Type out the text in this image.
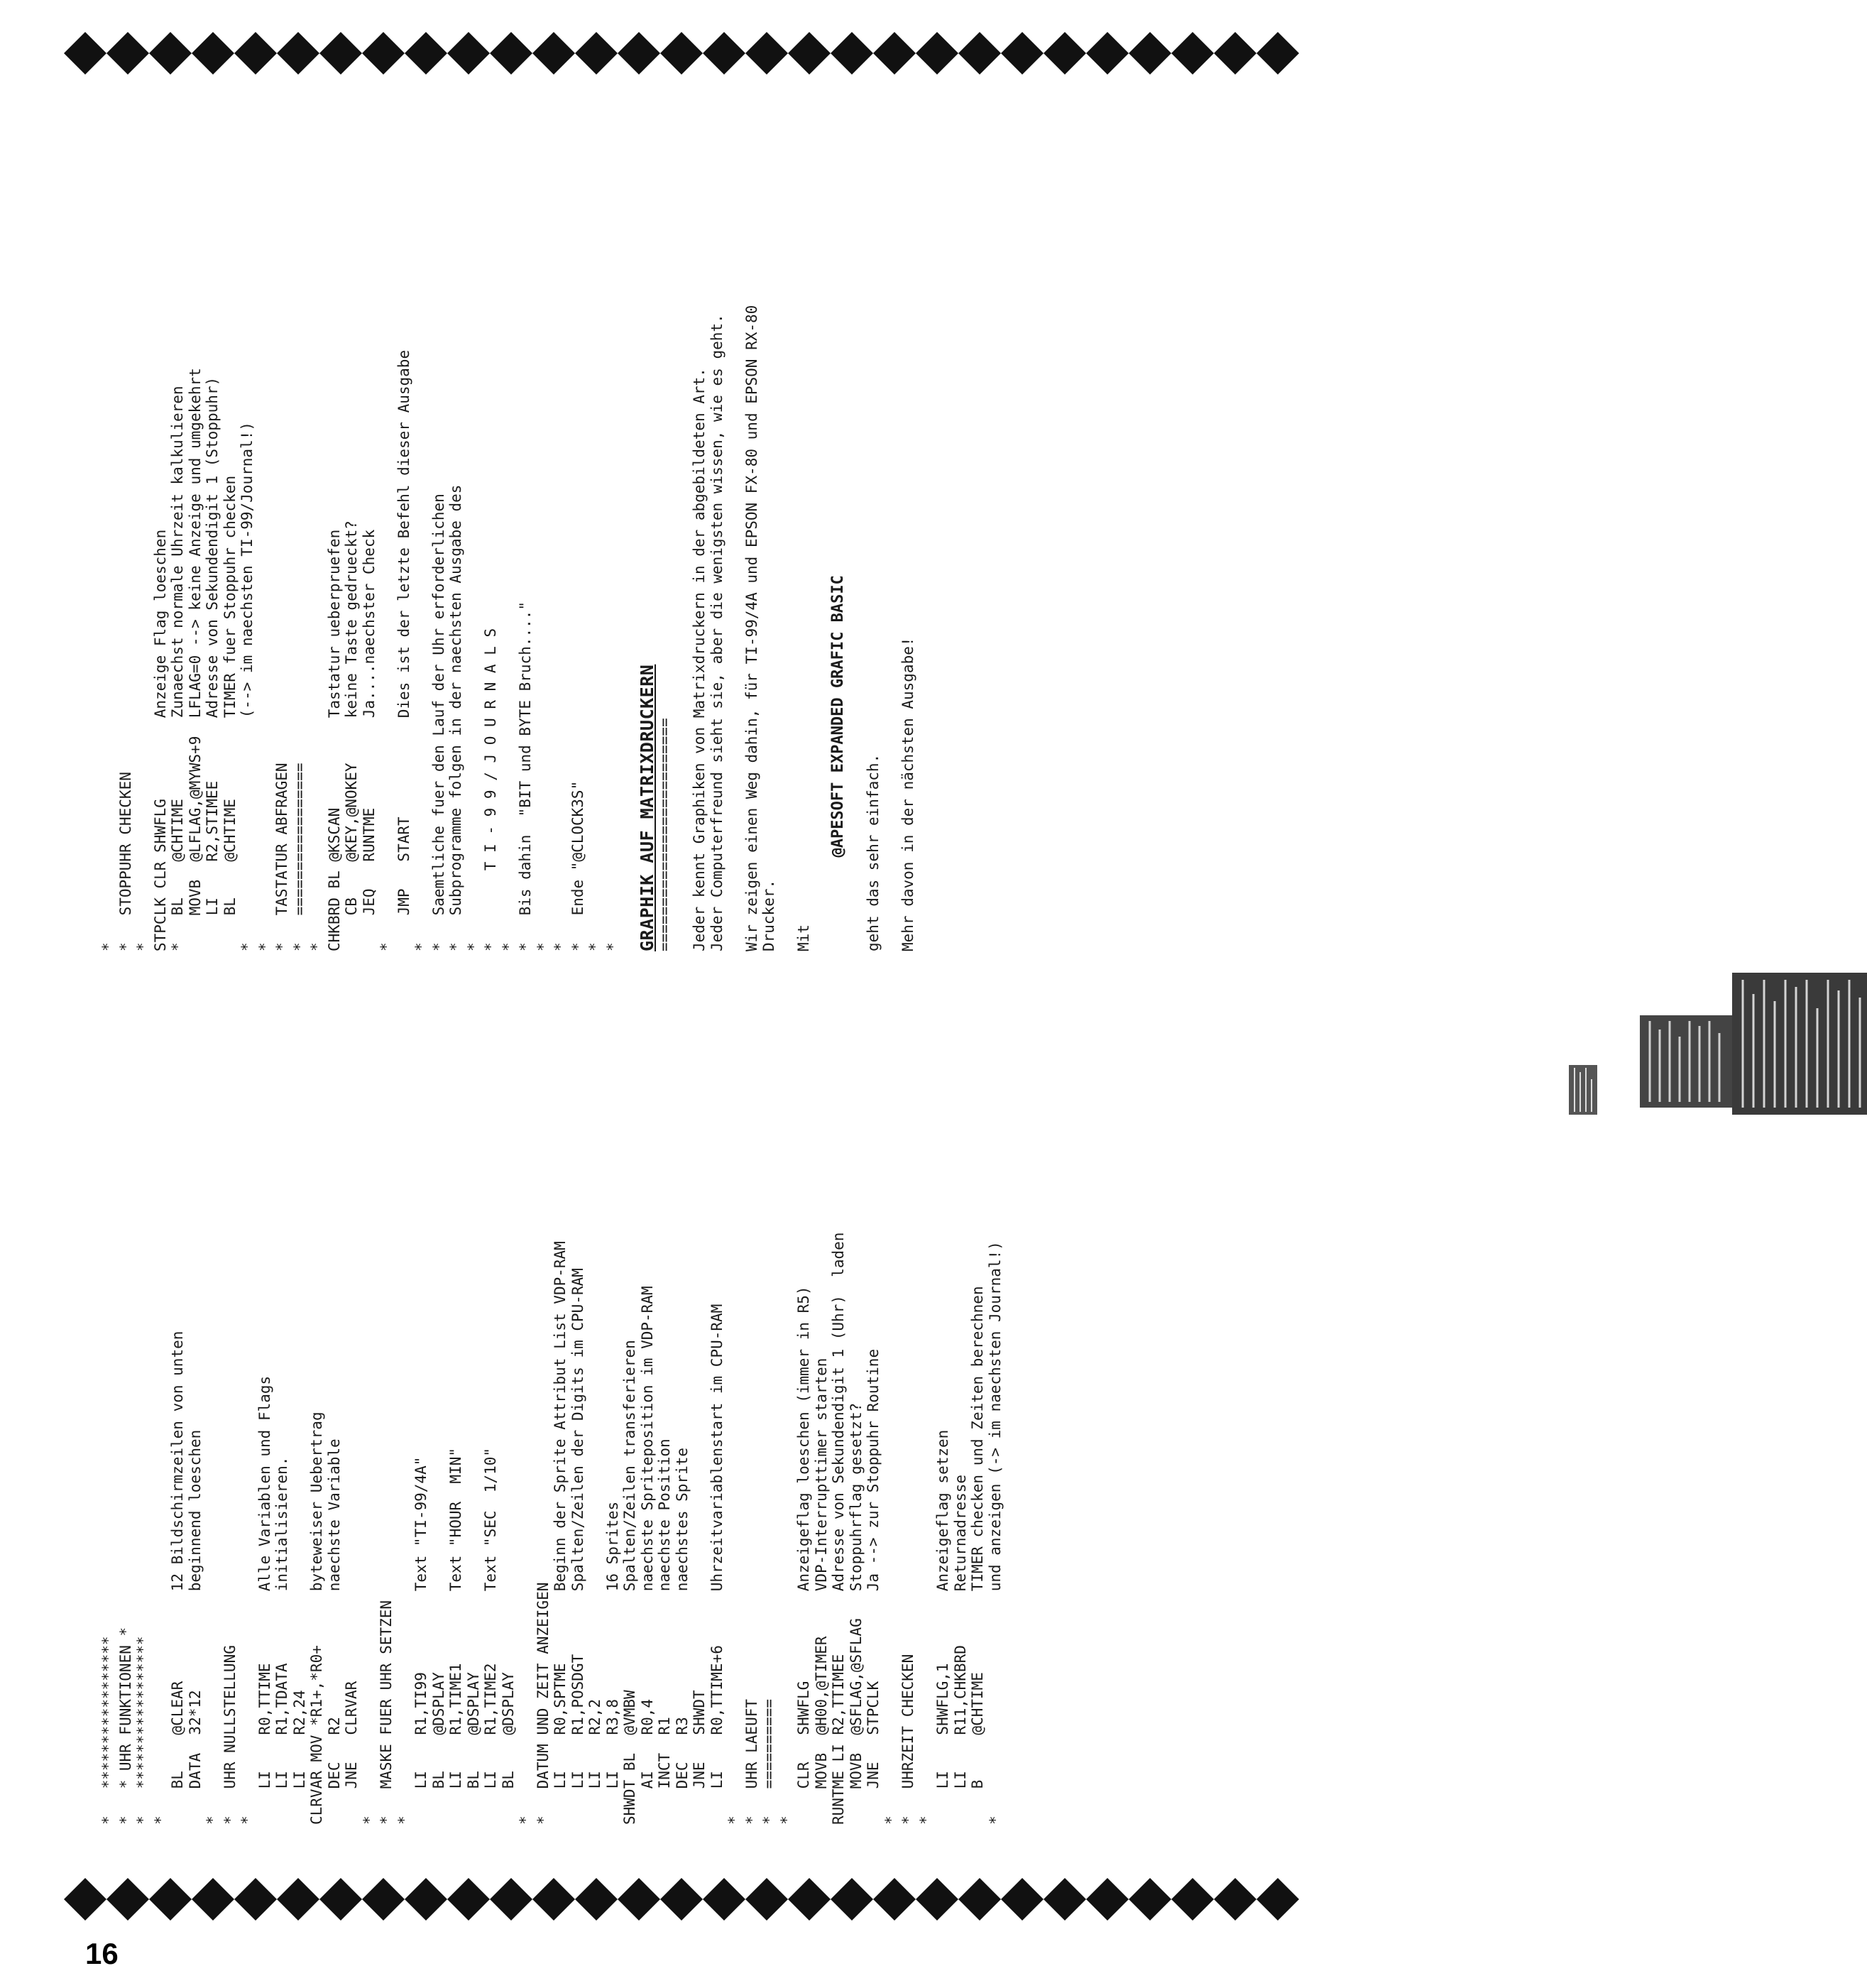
*   ***************** *   * UHR FUNKTIONEN * *   ***************** * BL    @CLEAR          12 Bildschirmzeilen von unten DATA  32*12           beginnend loeschen * *   UHR NULLSTELLUNG * LI    R0,TTIME        Alle Variablen und Flags LI    R1,TDATA        initialisieren. LI    R2,24 CLRVAR MOV *R1+,*R0+      byteweiser Uebertrag DEC   R2              naechste Variable JNE   CLRVAR * *   MASKE FUER UHR SETZEN * LI    R1,TI99         Text "TI-99/4A" BL    @DSPLAY LI    R1,TIME1        Text "HOUR  MIN" BL    @DSPLAY LI    R1,TIME2        Text "SEC  1/10" BL    @DSPLAY * *   DATUM UND ZEIT ANZEIGEN LI    R0,SPTME        Beginn der Sprite Attribut List VDP-RAM LI    R1,POSDGT       Spalten/Zeilen der Digits im CPU-RAM LI    R2,2 LI    R3,8            16 Sprites SHWDT BL  @VMBW           Spalten/Zeilen transferieren AI    R0,4            naechste Spriteposition im VDP-RAM INCT  R1              naechste Position DEC   R3              naechstes Sprite JNE   SHWDT LI    R0,TTIME+6      Uhrzeitvariablenstart im CPU-RAM * *   UHR LAEUFT *   ========== * CLR   SHWFLG          Anzeigeflag loeschen (immer in R5) MOVB  @H00,@TIMER     VDP-Interrupttimer starten RUNTME LI R2,TTIMEE       Adresse von Sekundendigit 1 (Uhr)  laden MOVB  @SFLAG,@SFLAG   Stoppuhrflag gesetzt? JNE   STPCLK          Ja --> zur Stoppuhr Routine * *   UHRZEIT CHECKEN * LI    SHWFLG,1        Anzeigeflag setzen LI    R11,CHKBRD      Returnadresse B     @CHTIME         TIMER checken und Zeiten berechnen *                         und anzeigen (-> im naechsten Journal!)
* *   STOPPUHR CHECKEN * STPCLK CLR SHWFLG         Anzeige Flag loeschen *   BL    @CHTIME         Zunaechst normale Uhrzeit kalkulieren MOVB  @LFLAG,@MYWS+9  LFLAG=0 --> keine Anzeige und umgekehrt LI    R2,STIMEE       Adresse von Sekundendigit 1 (Stoppuhr) BL    @CHTIME         TIMER fuer Stoppuhr checken *                         (--> im naechsten TI-99/Journal!) * *   TASTATUR ABFRAGEN *   ================= * CHKBRD BL @KSCAN          Tastatur ueberpruefen CB    @KEY,@NOKEY     keine Taste gedrueckt? JEQ   RUNTME          Ja....naechster Check * JMP   START           Dies ist der letzte Befehl dieser Ausgabe * *   Saemtliche fuer den Lauf der Uhr erforderlichen *   Subprogramme folgen in der naechsten Ausgabe des * *        T I - 9 9 / J O U R N A L S * *   Bis dahin  "BIT und BYTE Bruch...." * * *   Ende "@CLOCK3S" * * GRAPHIK AUF MATRIXDRUCKERN
========================== Jeder kennt Graphiken von Matrixdruckern in der abgebildeten Art. Jeder Computerfreund sieht sie, aber die wenigsten wissen, wie es geht. Wir zeigen einen Weg dahin, für TI-99/4A und EPSON FX-80 und EPSON RX-80 Drucker. Mit @APESOFT EXPANDED GRAFIC BASIC geht das sehr einfach. Mehr davon in der nächsten Ausgabe!
16
